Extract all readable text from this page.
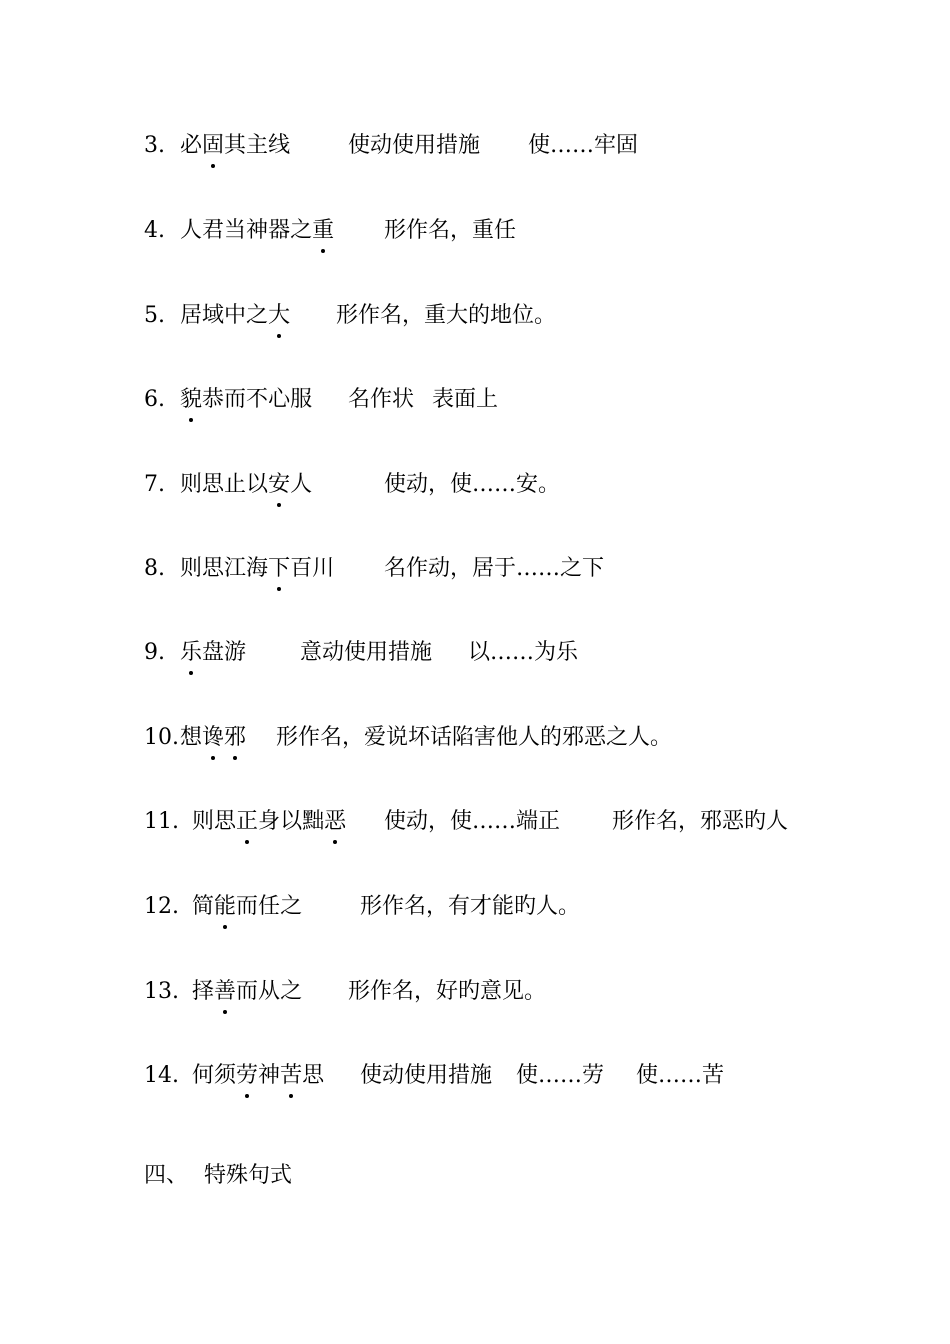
3. 必固其主线	使动使用措施 使……牢固
4. 人君当神器之重 形作名，重任
5. 居域中之大 形作名，重大的地位。
6. 貌恭而不心服 名作状 表面上
7. 则思止以安人	使动，使……安。
8. 则思江海下百川 名作动，居于……之下
9. 乐盘游 意动使用措施 以……为乐
10. 想谗邪 形作名，爱说坏话陷害他人的邪恶之人。
11. 则思正身以黜恶 使动，使……端正 形作名，邪恶旳人
12. 简能而任之	形作名，有才能旳人。
13. 择善而从之 形作名，好旳意见。
14. 何须劳神苦思 使动使用措施 使……劳 使……苦
四、 特殊句式
